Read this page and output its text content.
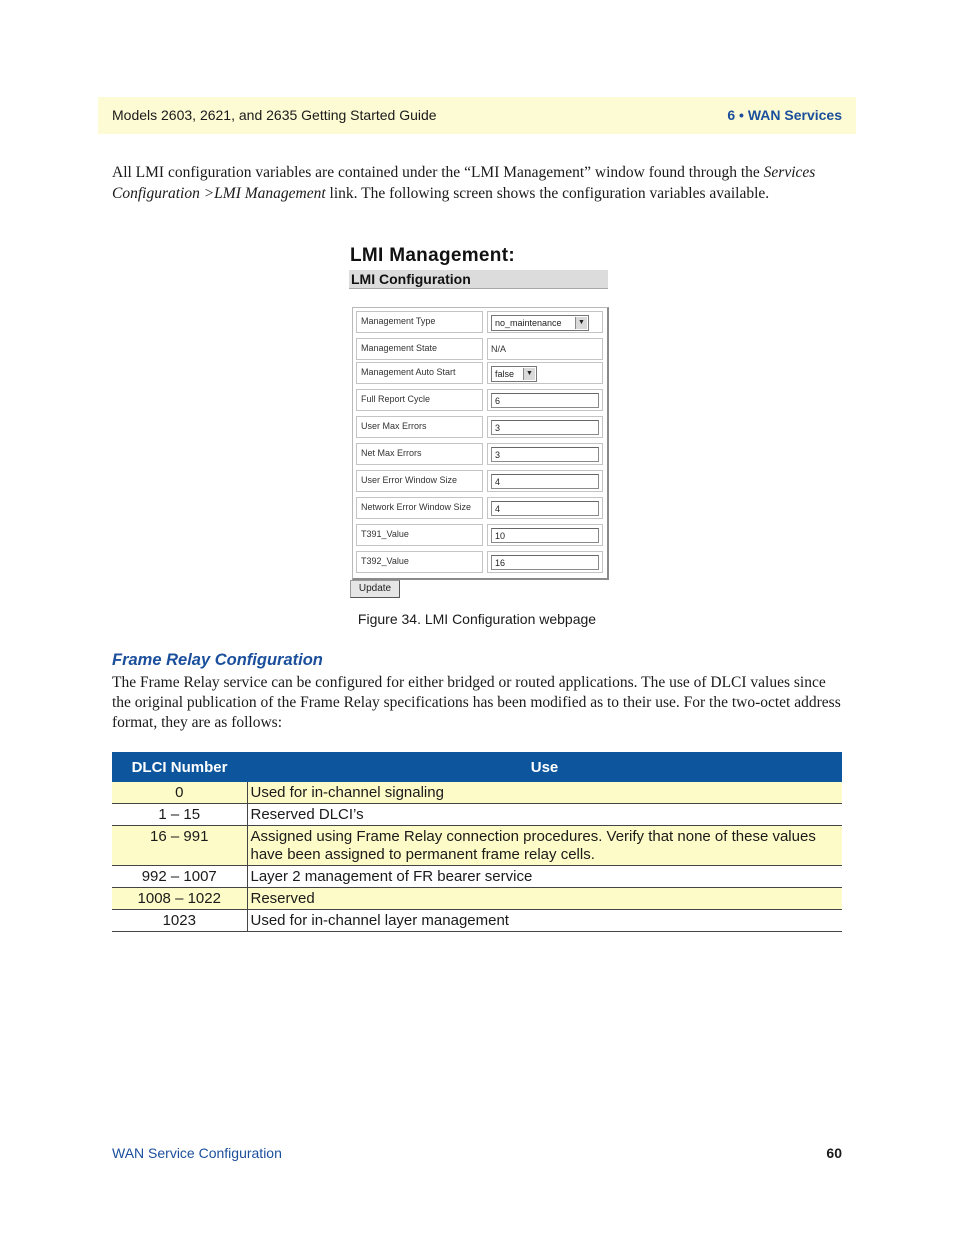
Models 2603, 2621, and 2635 Getting Started Guide	6 • WAN Services
All LMI configuration variables are contained under the “LMI Management” window found through the Services Configuration >LMI Management link. The following screen shows the configuration variables available.
LMI Management:
LMI Configuration
Management Type	no_maintenance	▼
Management State	N/A
Management Auto Start	false	▼
Full Report Cycle	6
User Max Errors	3
Net Max Errors	3
User Error Window Size	4
Network Error Window Size	4
T391_Value	10
T392_Value	16
Update
Figure 34. LMI Configuration webpage
Frame Relay Configuration
The Frame Relay service can be configured for either bridged or routed applications. The use of DLCI values since the original publication of the Frame Relay specifications has been modified as to their use. For the two-octet address format, they are as follows:
DLCI Number	Use
0	Used for in-channel signaling
1 – 15	Reserved DLCI’s
16 – 991	Assigned using Frame Relay connection procedures. Verify that none of these values have been assigned to permanent frame relay cells.
992 – 1007	Layer 2 management of FR bearer service
1008 – 1022	Reserved
1023	Used for in-channel layer management
WAN Service Configuration	60
